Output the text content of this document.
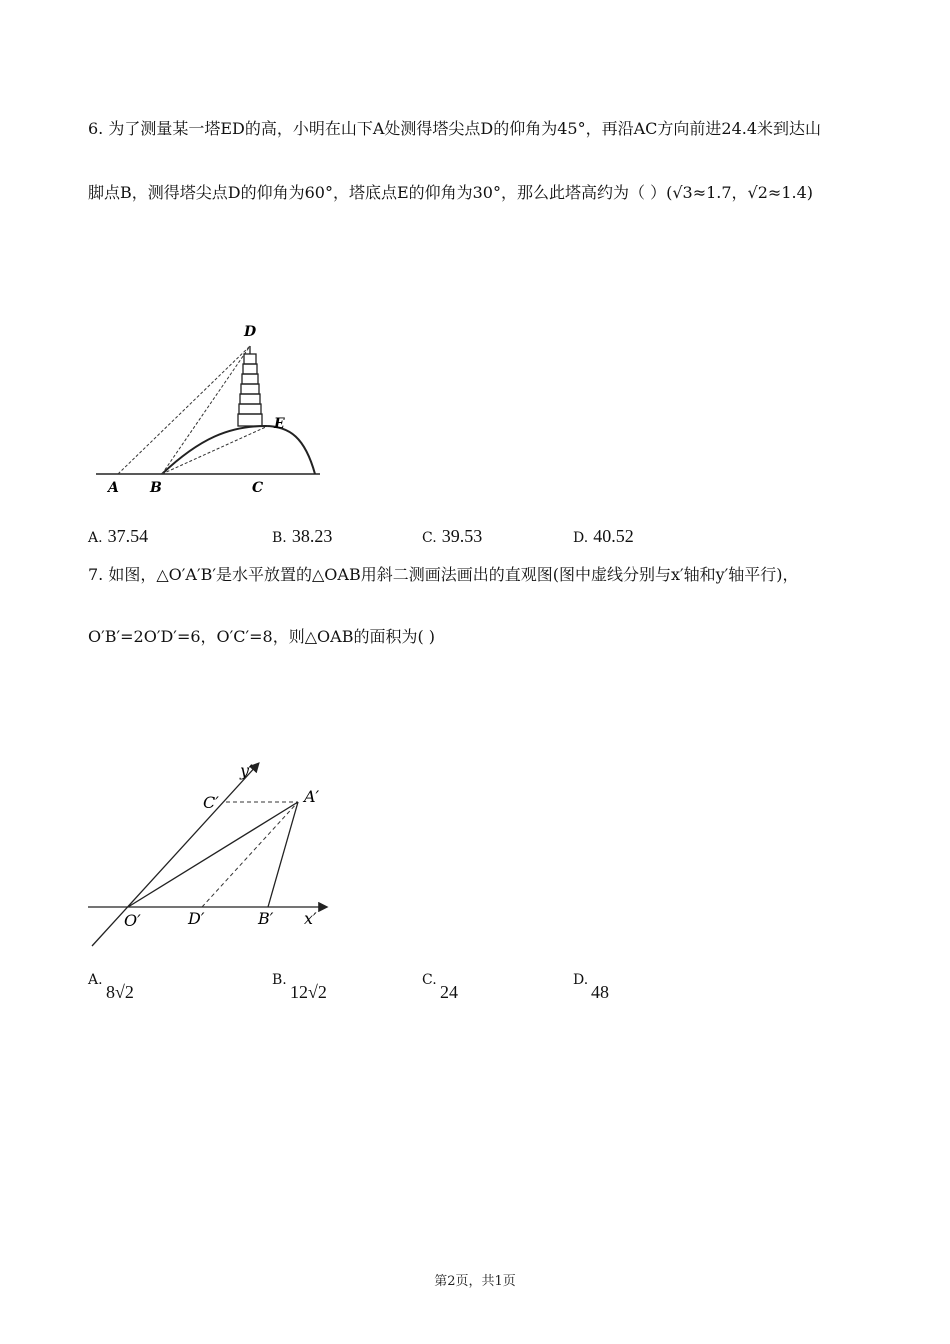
6. 为了测量某一塔ED的高，小明在山下A处测得塔尖点D的仰角为45°，再沿AC方向前进24.4米到达山
脚点B，测得塔尖点D的仰角为60°，塔底点E的仰角为30°，那么此塔高约为（ ）(√3≈1.7，√2≈1.4)
D
E
A B	C
A. 37.54	B. 38.23	C. 39.53	D. 40.52
7. 如图，△O′A′B′是水平放置的△OAB用斜二测画法画出的直观图(图中虚线分别与x′轴和y′轴平行)，
O′B′=2O′D′=6，O′C′=8，则△OAB的面积为( )
y′
C′	A′
O′	D′	B′ x′
A.
8√2
B.
12√2
C.
24
D.
48
第2页，共1页
